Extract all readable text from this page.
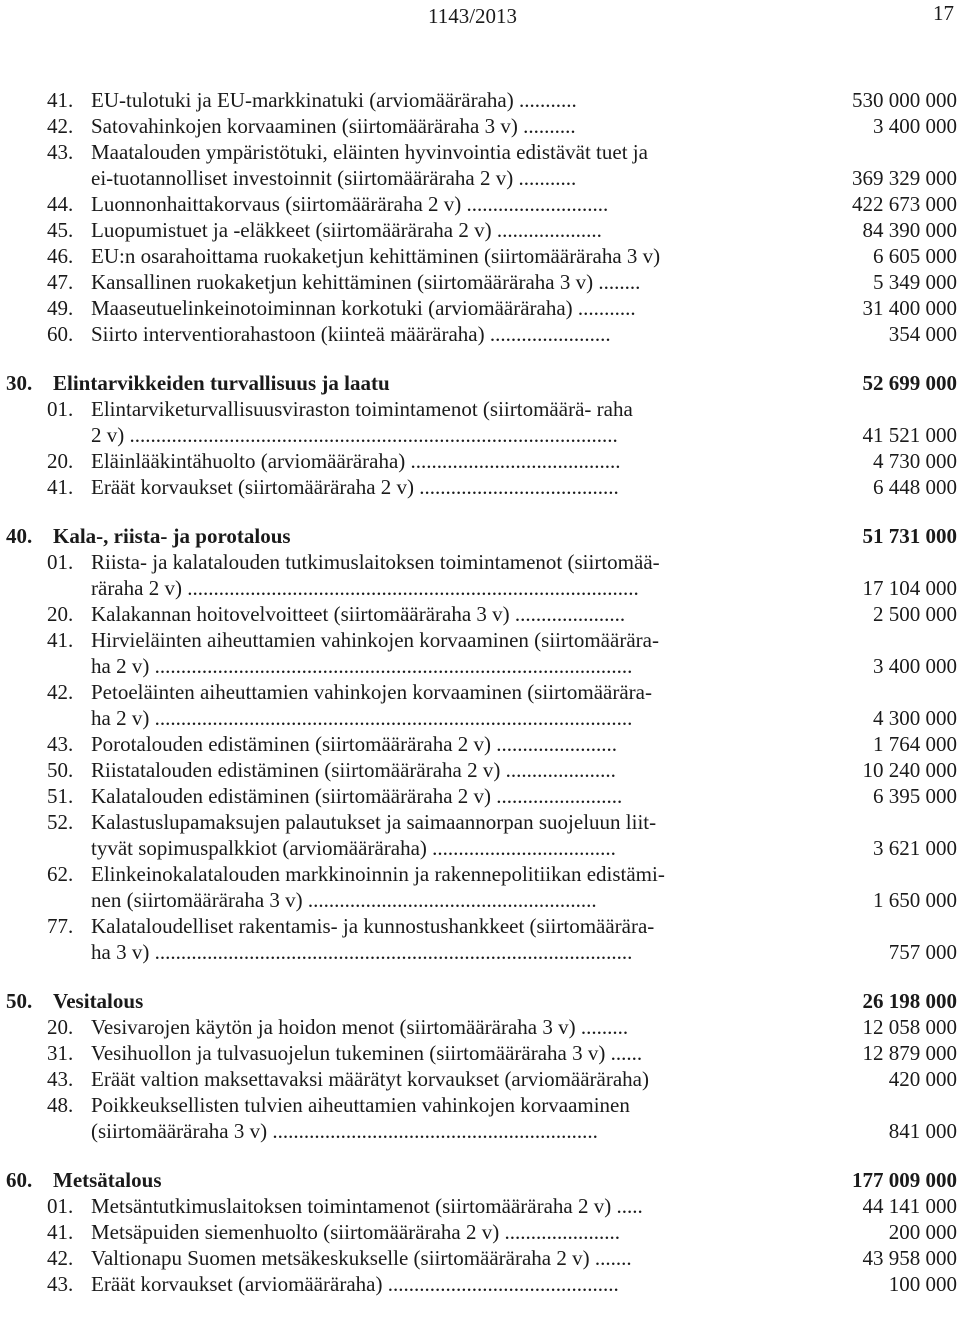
1143/2013	17
41. EU-tulotuki ja EU-markkinatuki (arviomääräraha) ...........	530 000 000
42. Satovahinkojen korvaaminen (siirtomääräraha 3 v) ..........	3 400 000
43. Maatalouden ympäristötuki, eläinten hyvinvointia edistävät tuet ja
ei-tuotannolliset investoinnit (siirtomääräraha 2 v) ...........	369 329 000
44. Luonnonhaittakorvaus (siirtomääräraha 2 v) ...........................	422 673 000
45. Luopumistuet ja -eläkkeet (siirtomääräraha 2 v) ....................	84 390 000
46. EU:n osarahoittama ruokaketjun kehittäminen (siirtomääräraha 3 v)	6 605 000
47. Kansallinen ruokaketjun kehittäminen (siirtomääräraha 3 v) ........	5 349 000
49. Maaseutuelinkeinotoiminnan korkotuki (arviomääräraha) ...........	31 400 000
60. Siirto interventiorahastoon (kiinteä määräraha) .......................	354 000
30. Elintarvikkeiden turvallisuus ja laatu	52 699 000
01. Elintarviketurvallisuusviraston toimintamenot (siirtomäärä- raha
2 v) .............................................................................................	41 521 000
20. Eläinlääkintähuolto (arviomääräraha) ........................................	4 730 000
41. Eräät korvaukset (siirtomääräraha 2 v) ......................................	6 448 000
40. Kala-, riista- ja porotalous	51 731 000
01. Riista- ja kalatalouden tutkimuslaitoksen toimintamenot (siirtomää-
räraha 2 v) ......................................................................................	17 104 000
20. Kalakannan hoitovelvoitteet (siirtomääräraha 3 v) .....................	2 500 000
41. Hirvieläinten aiheuttamien vahinkojen korvaaminen (siirtomäärära-
ha 2 v) ...........................................................................................	3 400 000
42. Petoeläinten aiheuttamien vahinkojen korvaaminen (siirtomäärära-
ha 2 v) ...........................................................................................	4 300 000
43. Porotalouden edistäminen (siirtomääräraha 2 v) .......................	1 764 000
50. Riistatalouden edistäminen (siirtomääräraha 2 v) .....................	10 240 000
51. Kalatalouden edistäminen (siirtomääräraha 2 v) ........................	6 395 000
52. Kalastuslupamaksujen palautukset ja saimaannorpan suojeluun liit-
tyvät sopimuspalkkiot (arviomääräraha) ...................................	3 621 000
62. Elinkeinokalatalouden markkinoinnin ja rakennepolitiikan edistämi-
nen (siirtomääräraha 3 v) .......................................................	1 650 000
77. Kalataloudelliset rakentamis- ja kunnostushankkeet (siirtomäärära-
ha 3 v) ...........................................................................................	757 000
50. Vesitalous	26 198 000
20. Vesivarojen käytön ja hoidon menot (siirtomääräraha 3 v) .........	12 058 000
31. Vesihuollon ja tulvasuojelun tukeminen (siirtomääräraha 3 v) ......	12 879 000
43. Eräät valtion maksettavaksi määrätyt korvaukset (arviomääräraha)	420 000
48. Poikkeuksellisten tulvien aiheuttamien vahinkojen korvaaminen
(siirtomääräraha 3 v) ..............................................................	841 000
60. Metsätalous	177 009 000
01. Metsäntutkimuslaitoksen toimintamenot (siirtomääräraha 2 v) .....	44 141 000
41. Metsäpuiden siemenhuolto (siirtomääräraha 2 v) ......................	200 000
42. Valtionapu Suomen metsäkeskukselle (siirtomääräraha 2 v) .......	43 958 000
43. Eräät korvaukset (arviomääräraha) ............................................	100 000
